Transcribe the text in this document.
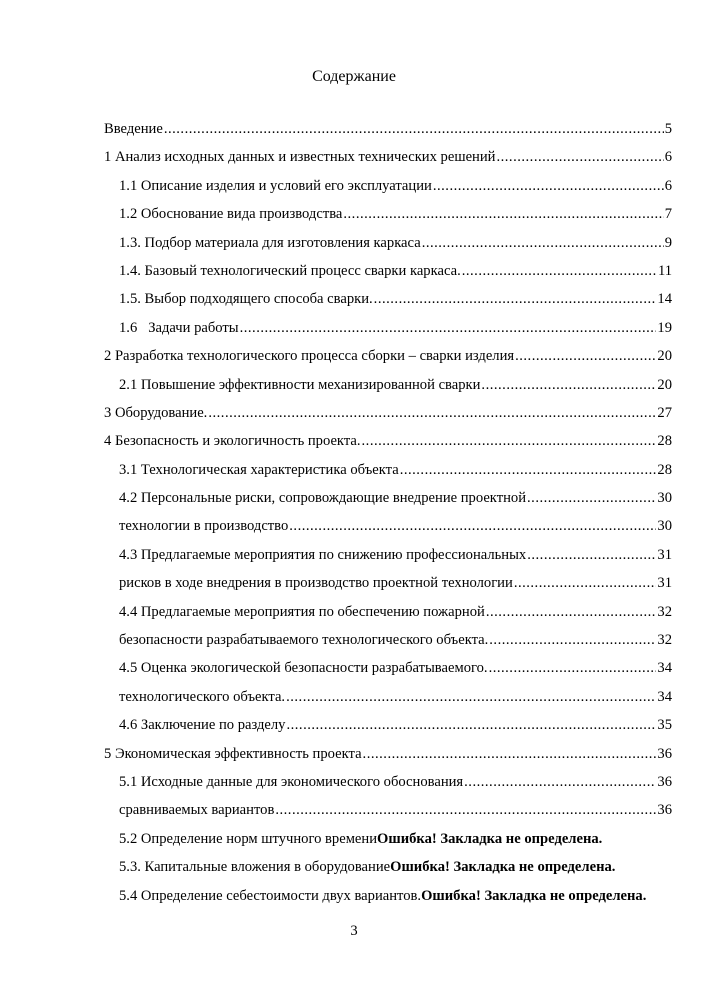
Содержание
Введение .....	5
1 Анализ исходных данных и известных технических решений .....	6
1.1 Описание изделия и условий его эксплуатации .....	6
1.2 Обоснование вида производства .....	7
1.3. Подбор материала для изготовления каркаса .....	9
1.4. Базовый технологический процесс сварки каркаса. .....	11
1.5. Выбор подходящего способа сварки. .....	14
1.6   Задачи работы .....	19
2 Разработка технологического процесса сборки – сварки изделия .....	20
2.1 Повышение эффективности механизированной сварки .....	20
3 Оборудование. .....	27
4 Безопасность и экологичность проекта. .....	28
3.1 Технологическая характеристика объекта .....	28
4.2 Персональные риски, сопровождающие внедрение проектной .....	30
технологии в производство .....	30
4.3 Предлагаемые мероприятия по снижению профессиональных .....	31
рисков в ходе внедрения в производство проектной технологии .....	31
4.4 Предлагаемые мероприятия по обеспечению пожарной .....	32
безопасности разрабатываемого технологического объекта. .....	32
4.5 Оценка экологической безопасности разрабатываемого. .....	34
технологического объекта. .....	34
4.6 Заключение по разделу .....	35
5 Экономическая эффективность проекта .....	36
5.1 Исходные данные для экономического обоснования .....	36
сравниваемых вариантов .....	36
5.2 Определение норм штучного времени Ошибка! Закладка не определена.
5.3. Капитальные вложения в оборудование Ошибка! Закладка не определена.
5.4 Определение себестоимости двух вариантов. Ошибка! Закладка не определена.
3
